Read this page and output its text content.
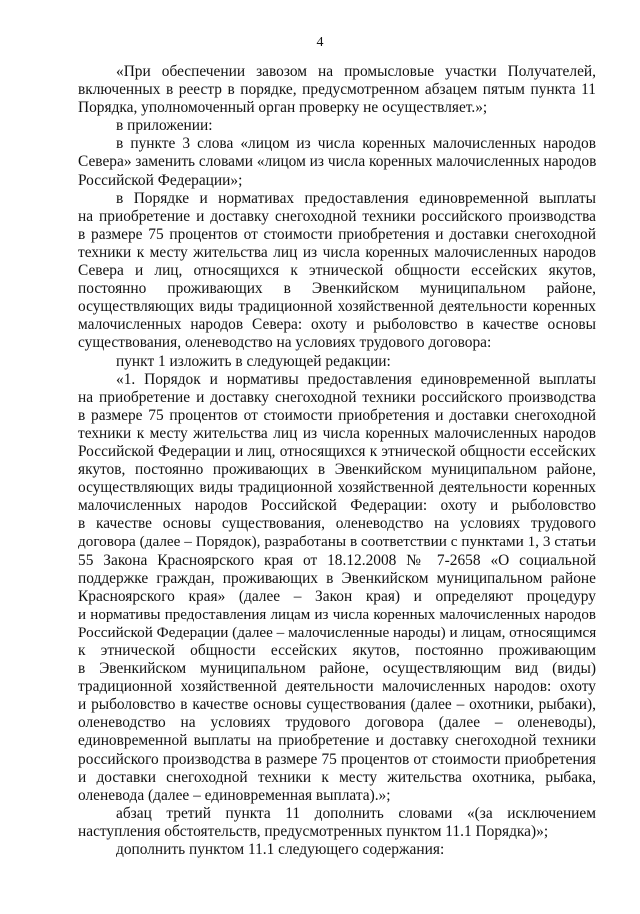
4
«При обеспечении завозом на промысловые участки Получателей,
включенных в реестр в порядке, предусмотренном абзацем пятым пункта 11
Порядка, уполномоченный орган проверку не осуществляет.»;
в приложении:
в пункте 3 слова «лицом из числа коренных малочисленных народов
Севера» заменить словами «лицом из числа коренных малочисленных народов
Российской Федерации»;
в Порядке и нормативах предоставления единовременной выплаты
на приобретение и доставку снегоходной техники российского производства
в размере 75 процентов от стоимости приобретения и доставки снегоходной
техники к месту жительства лиц из числа коренных малочисленных народов
Севера и лиц, относящихся к этнической общности ессейских якутов,
постоянно проживающих в Эвенкийском муниципальном районе,
осуществляющих виды традиционной хозяйственной деятельности коренных
малочисленных народов Севера: охоту и рыболовство в качестве основы
существования, оленеводство на условиях трудового договора:
пункт 1 изложить в следующей редакции:
«1. Порядок и нормативы предоставления единовременной выплаты
на приобретение и доставку снегоходной техники российского производства
в размере 75 процентов от стоимости приобретения и доставки снегоходной
техники к месту жительства лиц из числа коренных малочисленных народов
Российской Федерации и лиц, относящихся к этнической общности ессейских
якутов, постоянно проживающих в Эвенкийском муниципальном районе,
осуществляющих виды традиционной хозяйственной деятельности коренных
малочисленных народов Российской Федерации: охоту и рыболовство
в качестве основы существования, оленеводство на условиях трудового
договора (далее – Порядок), разработаны в соответствии с пунктами 1, 3 статьи
55 Закона Красноярского края от 18.12.2008 № 7-2658 «О социальной
поддержке граждан, проживающих в Эвенкийском муниципальном районе
Красноярского края» (далее – Закон края) и определяют процедуру
и нормативы предоставления лицам из числа коренных малочисленных народов
Российской Федерации (далее – малочисленные народы) и лицам, относящимся
к этнической общности ессейских якутов, постоянно проживающим
в Эвенкийском муниципальном районе, осуществляющим вид (виды)
традиционной хозяйственной деятельности малочисленных народов: охоту
и рыболовство в качестве основы существования (далее – охотники, рыбаки),
оленеводство на условиях трудового договора (далее – оленеводы),
единовременной выплаты на приобретение и доставку снегоходной техники
российского производства в размере 75 процентов от стоимости приобретения
и доставки снегоходной техники к месту жительства охотника, рыбака,
оленевода (далее – единовременная выплата).»;
абзац третий пункта 11 дополнить словами «(за исключением
наступления обстоятельств, предусмотренных пунктом 11.1 Порядка)»;
дополнить пунктом 11.1 следующего содержания:
